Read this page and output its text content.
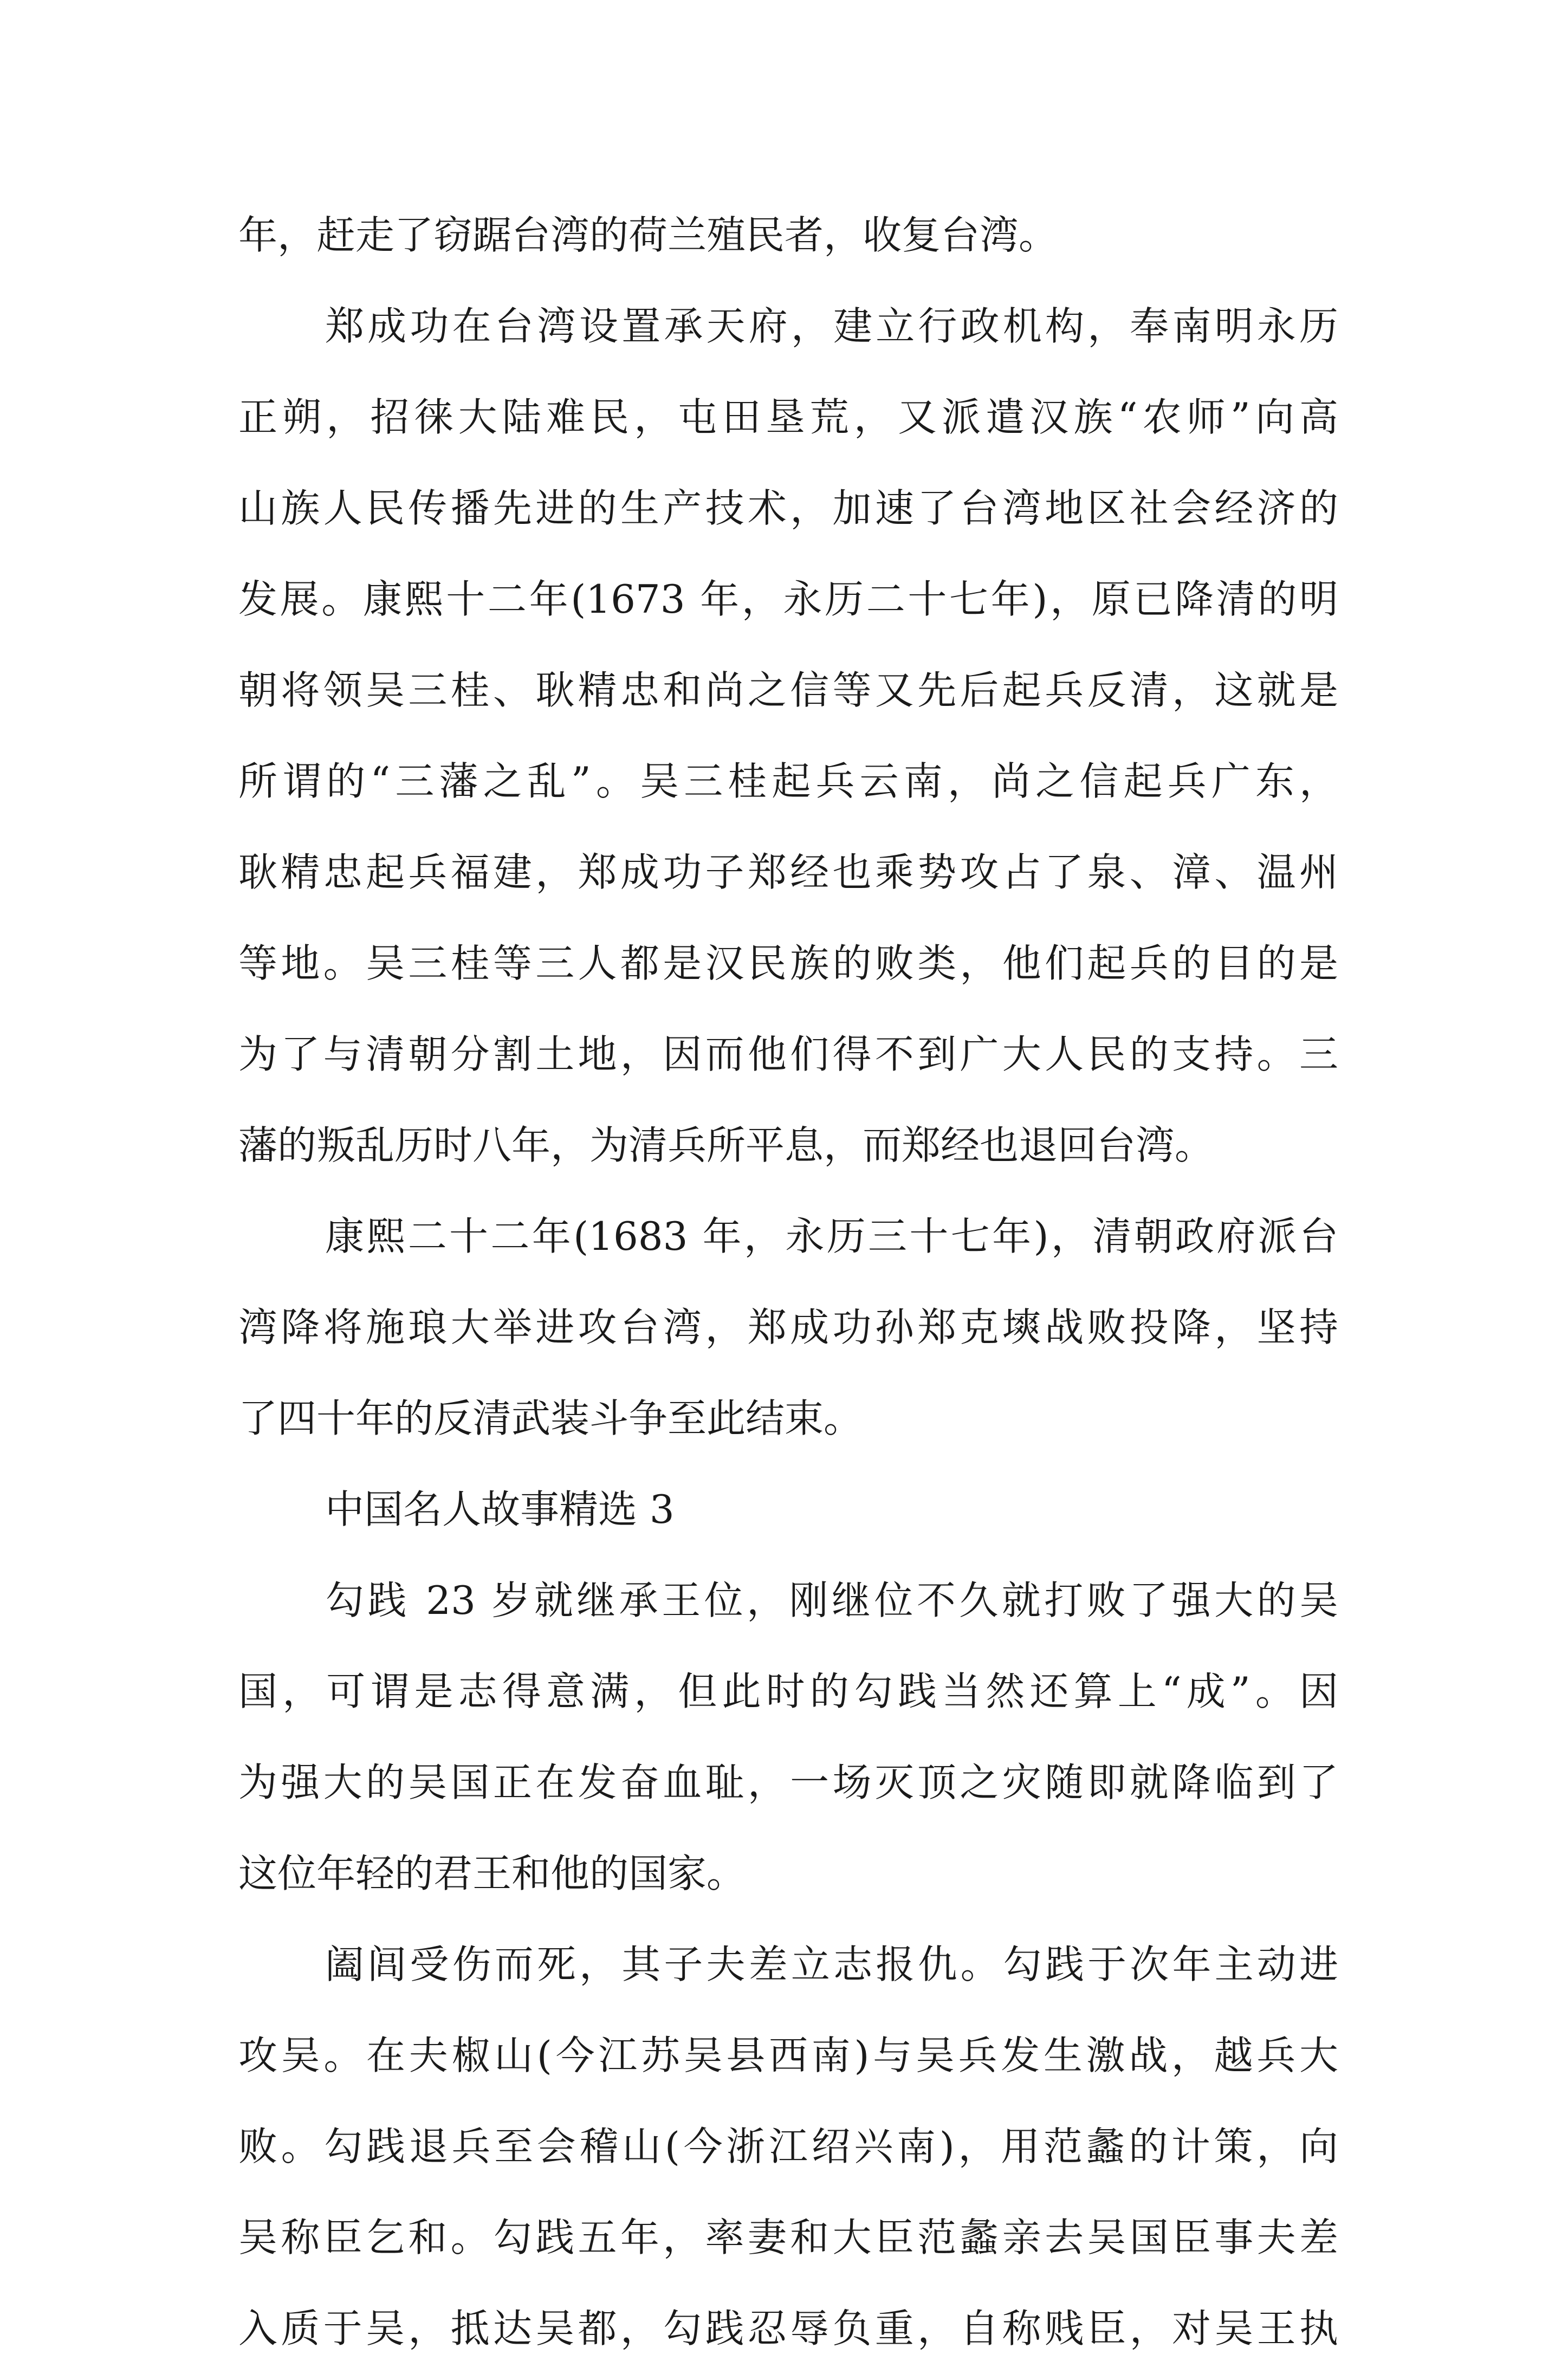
年，赶走了窃踞台湾的荷兰殖民者，收复台湾。
郑成功在台湾设置承天府，建立行政机构，奉南明永历
正朔，招徕大陆难民，屯田垦荒，又派遣汉族“农师”向高
山族人民传播先进的生产技术，加速了台湾地区社会经济的
发展。康熙十二年(1673 年，永历二十七年)，原已降清的明
朝将领吴三桂、耿精忠和尚之信等又先后起兵反清，这就是
所谓的“三藩之乱”。吴三桂起兵云南，尚之信起兵广东，
耿精忠起兵福建，郑成功子郑经也乘势攻占了泉、漳、温州
等地。吴三桂等三人都是汉民族的败类，他们起兵的目的是
为了与清朝分割土地，因而他们得不到广大人民的支持。三
藩的叛乱历时八年，为清兵所平息，而郑经也退回台湾。
康熙二十二年(1683 年，永历三十七年)，清朝政府派台
湾降将施琅大举进攻台湾，郑成功孙郑克塽战败投降，坚持
了四十年的反清武装斗争至此结束。
中国名人故事精选 3
勾践 23 岁就继承王位，刚继位不久就打败了强大的吴
国，可谓是志得意满，但此时的勾践当然还算上“成”。因
为强大的吴国正在发奋血耻，一场灭顶之灾随即就降临到了
这位年轻的君王和他的国家。
阖闾受伤而死，其子夫差立志报仇。勾践于次年主动进
攻吴。在夫椒山(今江苏吴县西南)与吴兵发生激战，越兵大
败。勾践退兵至会稽山(今浙江绍兴南)，用范蠡的计策，向
吴称臣乞和。勾践五年，率妻和大臣范蠡亲去吴国臣事夫差
入质于吴，抵达吴都，勾践忍辱负重，自称贱臣，对吴王执
